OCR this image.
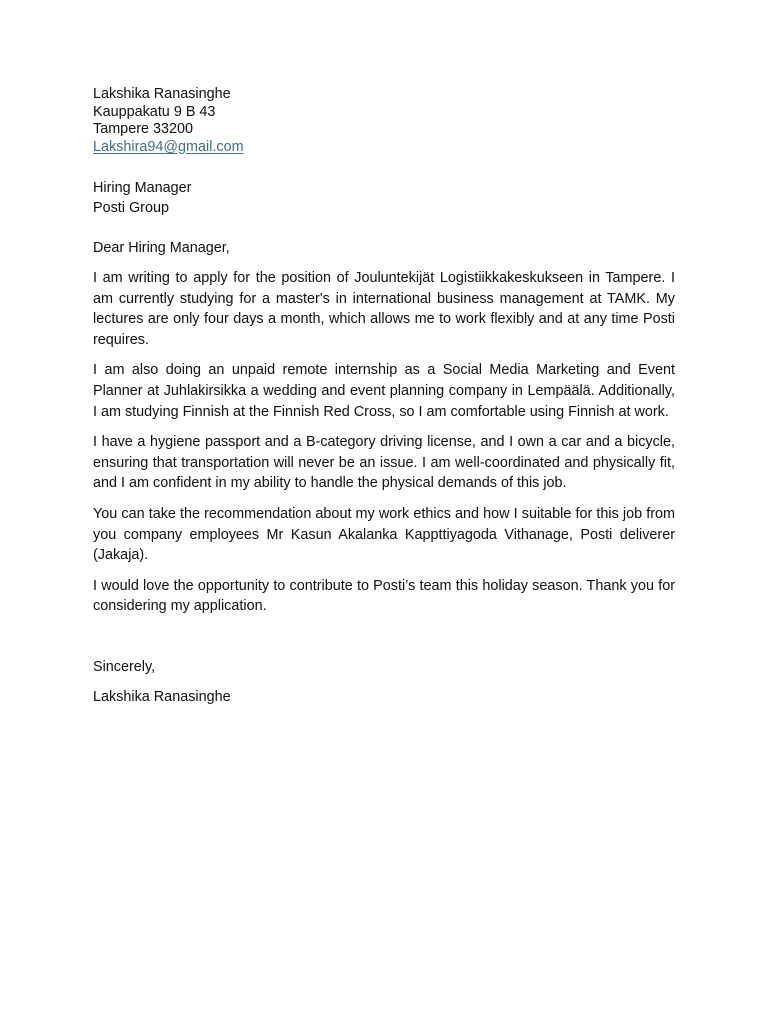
Lakshika Ranasinghe
Kauppakatu 9 B 43
Tampere 33200
Lakshira94@gmail.com
Hiring Manager
Posti Group
Dear Hiring Manager,

I am writing to apply for the position of Jouluntekijät Logistiikkakeskukseen in Tampere. I am currently studying for a master's in international business management at TAMK. My lectures are only four days a month, which allows me to work flexibly and at any time Posti requires.

I am also doing an unpaid remote internship as a Social Media Marketing and Event Planner at Juhlakirsikka a wedding and event planning company in Lempäälä. Additionally, I am studying Finnish at the Finnish Red Cross, so I am comfortable using Finnish at work.

I have a hygiene passport and a B-category driving license, and I own a car and a bicycle, ensuring that transportation will never be an issue. I am well-coordinated and physically fit, and I am confident in my ability to handle the physical demands of this job.

You can take the recommendation about my work ethics and how I suitable for this job from you company employees Mr Kasun Akalanka Kappttiyagoda Vithanage, Posti deliverer (Jakaja).

I would love the opportunity to contribute to Posti’s team this holiday season. Thank you for considering my application.

Sincerely,
Lakshika Ranasinghe
